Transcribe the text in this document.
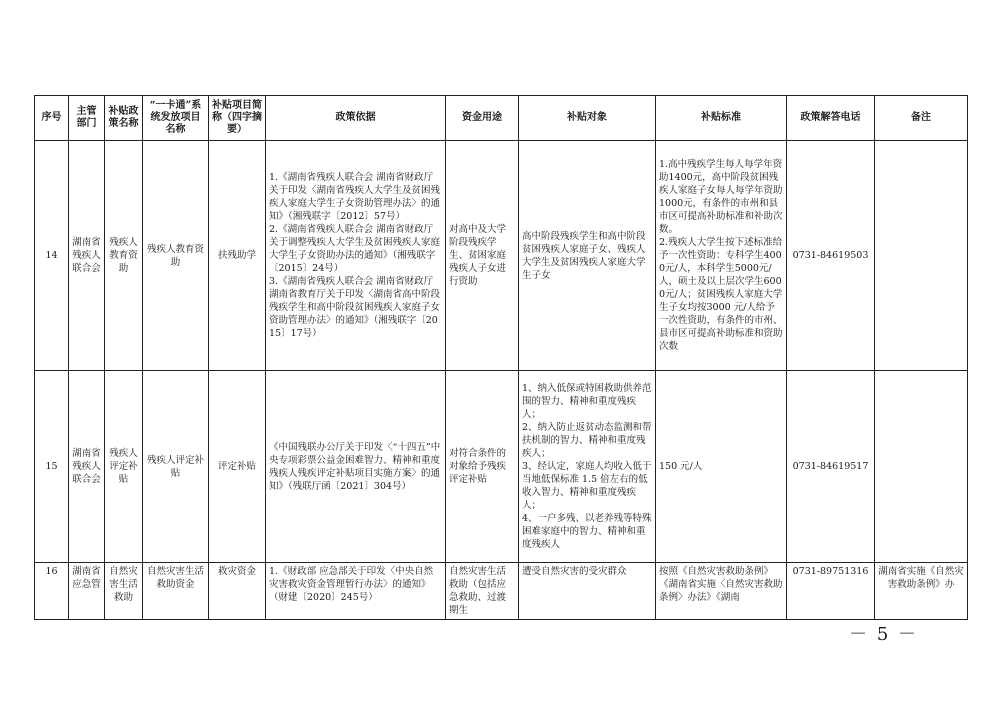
序号	主管部门	补贴政策名称	“一卡通”系统发放项目名称	补贴项目简称（四字摘要）	政策依据	资金用途	补贴对象	补贴标准	政策解答电话	备注
14	湖南省残疾人联合会	残疾人教育资助	残疾人教育资助	扶残助学	1.《湖南省残疾人联合会 湖南省财政厅关于印发〈湖南省残疾人大学生及贫困残疾人家庭大学生子女资助管理办法〉的通知》（湘残联字〔2012〕57号）
2.《湖南省残疾人联合会 湖南省财政厅关于调整残疾人大学生及贫困残疾人家庭大学生子女资助办法的通知》（湘残联字〔2015〕24号）
3.《湖南省残疾人联合会 湖南省财政厅 湖南省教育厅关于印发〈湖南省高中阶段残疾学生和高中阶段贫困残疾人家庭子女资助管理办法〉的通知》（湘残联字〔2015〕17号）	对高中及大学阶段残疾学生、贫困家庭残疾人子女进行资助	高中阶段残疾学生和高中阶段贫困残疾人家庭子女、残疾人大学生及贫困残疾人家庭大学生子女	1.高中残疾学生每人每学年资助1400元，高中阶段贫困残疾人家庭子女每人每学年资助1000元，有条件的市州和县市区可提高补助标准和补助次数。
2.残疾人大学生按下述标准给予一次性资助：专科学生4000元/人，本科学生5000元/人，硕士及以上层次学生6000元/人；贫困残疾人家庭大学生子女均按3000 元/人给予一次性资助，有条件的市州、县市区可提高补助标准和资助次数	0731-84619503	
15	湖南省残疾人联合会	残疾人评定补贴	残疾人评定补贴	评定补贴	《中国残联办公厅关于印发〈“十四五”中央专项彩票公益金困难智力、精神和重度残疾人残疾评定补贴项目实施方案〉的通知》（残联厅函〔2021〕304号）	对符合条件的对象给予残疾评定补贴	1、纳入低保或特困救助供养范围的智力、精神和重度残疾人；
2、纳入防止返贫动态监测和帮扶机制的智力、精神和重度残疾人；
3、经认定，家庭人均收入低于当地低保标准 1.5 倍左右的低收入智力、精神和重度残疾人；
4、一户多残、以老养残等特殊困难家庭中的智力、精神和重度残疾人	150 元/人	0731-84619517	
16	湖南省应急管	自然灾害生活救助	自然灾害生活救助资金	救灾资金	1.《财政部 应急部关于印发〈中央自然灾害救灾资金管理暂行办法〉的通知》（财建〔2020〕245号）	自然灾害生活救助（包括应急救助、过渡期生	遭受自然灾害的受灾群众	按照《自然灾害救助条例》《湖南省实施〈自然灾害救助条例〉办法》《湖南	0731-89751316	湖南省实施《自然灾害救助条例》办
－ 5 －
